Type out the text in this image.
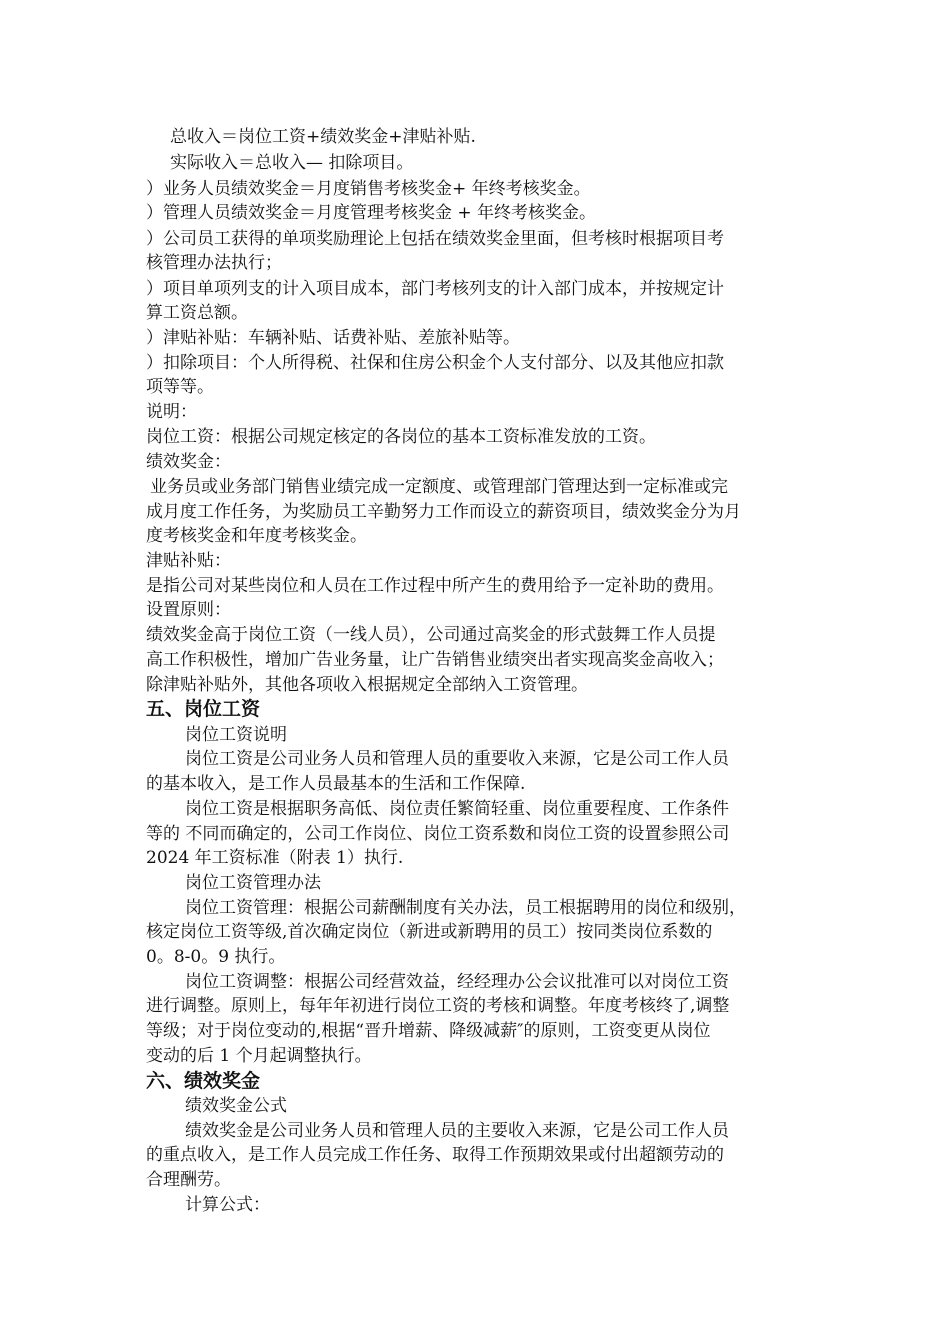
总收入＝岗位工资+绩效奖金+津贴补贴.
实际收入＝总收入— 扣除项目。
）业务人员绩效奖金＝月度销售考核奖金+ 年终考核奖金。
）管理人员绩效奖金＝月度管理考核奖金 + 年终考核奖金。
）公司员工获得的单项奖励理论上包括在绩效奖金里面，但考核时根据项目考
核管理办法执行；
）项目单项列支的计入项目成本，部门考核列支的计入部门成本，并按规定计
算工资总额。
）津贴补贴：车辆补贴、话费补贴、差旅补贴等。
）扣除项目：个人所得税、社保和住房公积金个人支付部分、以及其他应扣款
项等等。
说明：
岗位工资：根据公司规定核定的各岗位的基本工资标准发放的工资。
绩效奖金：
业务员或业务部门销售业绩完成一定额度、或管理部门管理达到一定标准或完
成月度工作任务，为奖励员工辛勤努力工作而设立的薪资项目，绩效奖金分为月
度考核奖金和年度考核奖金。
津贴补贴：
是指公司对某些岗位和人员在工作过程中所产生的费用给予一定补助的费用。
设置原则：
绩效奖金高于岗位工资（一线人员），公司通过高奖金的形式鼓舞工作人员提
高工作积极性，增加广告业务量，让广告销售业绩突出者实现高奖金高收入；
除津贴补贴外，其他各项收入根据规定全部纳入工资管理。
五、岗位工资
岗位工资说明
岗位工资是公司业务人员和管理人员的重要收入来源，它是公司工作人员
的基本收入，是工作人员最基本的生活和工作保障.
岗位工资是根据职务高低、岗位责任繁简轻重、岗位重要程度、工作条件
等的 不同而确定的，公司工作岗位、岗位工资系数和岗位工资的设置参照公司
2024 年工资标准（附表 1）执行.
岗位工资管理办法
岗位工资管理：根据公司薪酬制度有关办法，员工根据聘用的岗位和级别，
核定岗位工资等级,首次确定岗位（新进或新聘用的员工）按同类岗位系数的
0。8-0。9 执行。
岗位工资调整：根据公司经营效益，经经理办公会议批准可以对岗位工资
进行调整。原则上，每年年初进行岗位工资的考核和调整。年度考核终了,调整
等级；对于岗位变动的,根据“晋升增薪、降级减薪″的原则，工资变更从岗位
变动的后 1 个月起调整执行。
六、绩效奖金
绩效奖金公式
绩效奖金是公司业务人员和管理人员的主要收入来源，它是公司工作人员
的重点收入，是工作人员完成工作任务、取得工作预期效果或付出超额劳动的
合理酬劳。
计算公式：
